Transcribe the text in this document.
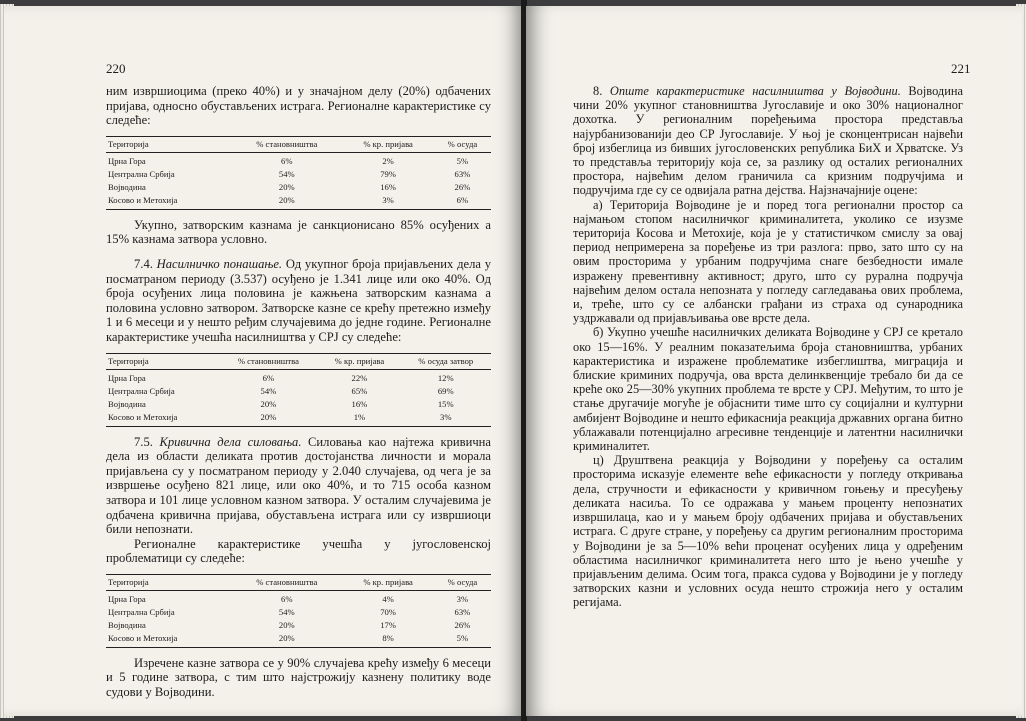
220

ним извршиоцима (преко 40%) и у значајном делу (20%) одбачених пријава, односно обустављених истрага. Регионалне карактеристике су следеће:

Територија	% становништва	% кр. пријава	% осуда
Црна Гора	6%	2%	5%
Централна Србија	54%	79%	63%
Војводина	20%	16%	26%
Косово и Метохија	20%	3%	6%

Укупно, затворским казнама је санкционисано 85% осуђених а 15% казнама затвора условно.

7.4. Насилничко понашање. Од укупног броја пријављених дела у посматраном периоду (3.537) осуђено је 1.341 лице или око 40%. Од броја осуђених лица половина је кажњена затворским казнама а половина условно затвором. Затворске казне се крећу претежно између 1 и 6 месеци и у нешто ређим случајевима до једне године. Регионалне карактеристике учешћа насилништва у СРЈ су следеће:

Територија	% становништва	% кр. пријава	% осуда затвор
Црна Гора	6%	22%	12%
Централна Србија	54%	65%	69%
Војводина	20%	16%	15%
Косово и Метохија	20%	1%	3%

7.5. Кривична дела силовања. Силовања као најтежа кривична дела из области деликата против достојанства личности и морала пријављена су у посматраном периоду у 2.040 случајева, од чега је за извршење осуђено 821 лице, или око 40%, и то 715 особа казном затвора и 101 лице условном казном затвора. У осталим случајевима је одбачена кривична пријава, обустављена истрага или су извршиоци били непознати.

Регионалне карактеристике учешћа у југословенској проблематици су следеће:

Територија	% становништва	% кр. пријава	% осуда
Црна Гора	6%	4%	3%
Централна Србија	54%	70%	63%
Војводина	20%	17%	26%
Косово и Метохија	20%	8%	5%

Изречене казне затвора се у 90% случајева крећу између 6 месеци и 5 године затвора, с тим што најстрожију казнену политику воде судови у Војводини.

221

8. Опште карактеристике насилништва у Војводини. Војводина чини 20% укупног становништва Југославије и око 30% националног дохотка. У регионалним поређењима простора представља најурбанизованији део СР Југославије. У њој је сконцентрисан највећи број избеглица из бивших југословенских република БиХ и Хрватске. Уз то представља територију која се, за разлику од осталих регионалних простора, највећим делом граничила са кризним подручјима и подручјима где су се одвијала ратна дејства. Најзначајније оцене:

а) Територија Војводине је и поред тога регионални простор са најмањом стопом насилничког криминалитета, уколико се изузме територија Косова и Метохије, која је у статистичком смислу за овај период непримерена за поређење из три разлога: прво, зато што су на овим просторима у урбаним подручјима снаге безбедности имале изражену превентивну активност; друго, што су рурална подручја највећим делом остала непозната у погледу сагледавања ових проблема, и, треће, што су се албански грађани из страха од сународника уздржавали од пријављивања ове врсте дела.

б) Укупно учешће насилничких деликата Војводине у СРЈ се кретало око 15—16%. У реалним показатељима броја становништва, урбаних карактеристика и изражене проблематике избеглиштва, миграција и блиские криминих подручја, ова врста делинквенције требало би да се креће око 25—30% укупних проблема те врсте у СРЈ. Међутим, то што је стање другачије могуће је објаснити тиме што су социјални и културни амбијент Војводине и нешто ефикаснија реакција државних органа битно ублажавали потенцијално агресивне тенденције и латентни насилнички криминалитет.

ц) Друштвена реакција у Војводини у поређењу са осталим просторима исказује елементе веће ефикасности у погледу откривања дела, стручности и ефикасности у кривичном гоњењу и пресуђењу деликата насиља. То се одражава у мањем проценту непознатих извршилаца, као и у мањем броју одбачених пријава и обустављених истрага. С друге стране, у поређењу са другим регионалним просторима у Војводини је за 5—10% већи проценат осуђених лица у одређеним областима насилничког криминалитета него што је њено учешће у пријављеним делима. Осим тога, пракса судова у Војводини је у погледу затворских казни и условних осуда нешто строжија него у осталим регијама.
